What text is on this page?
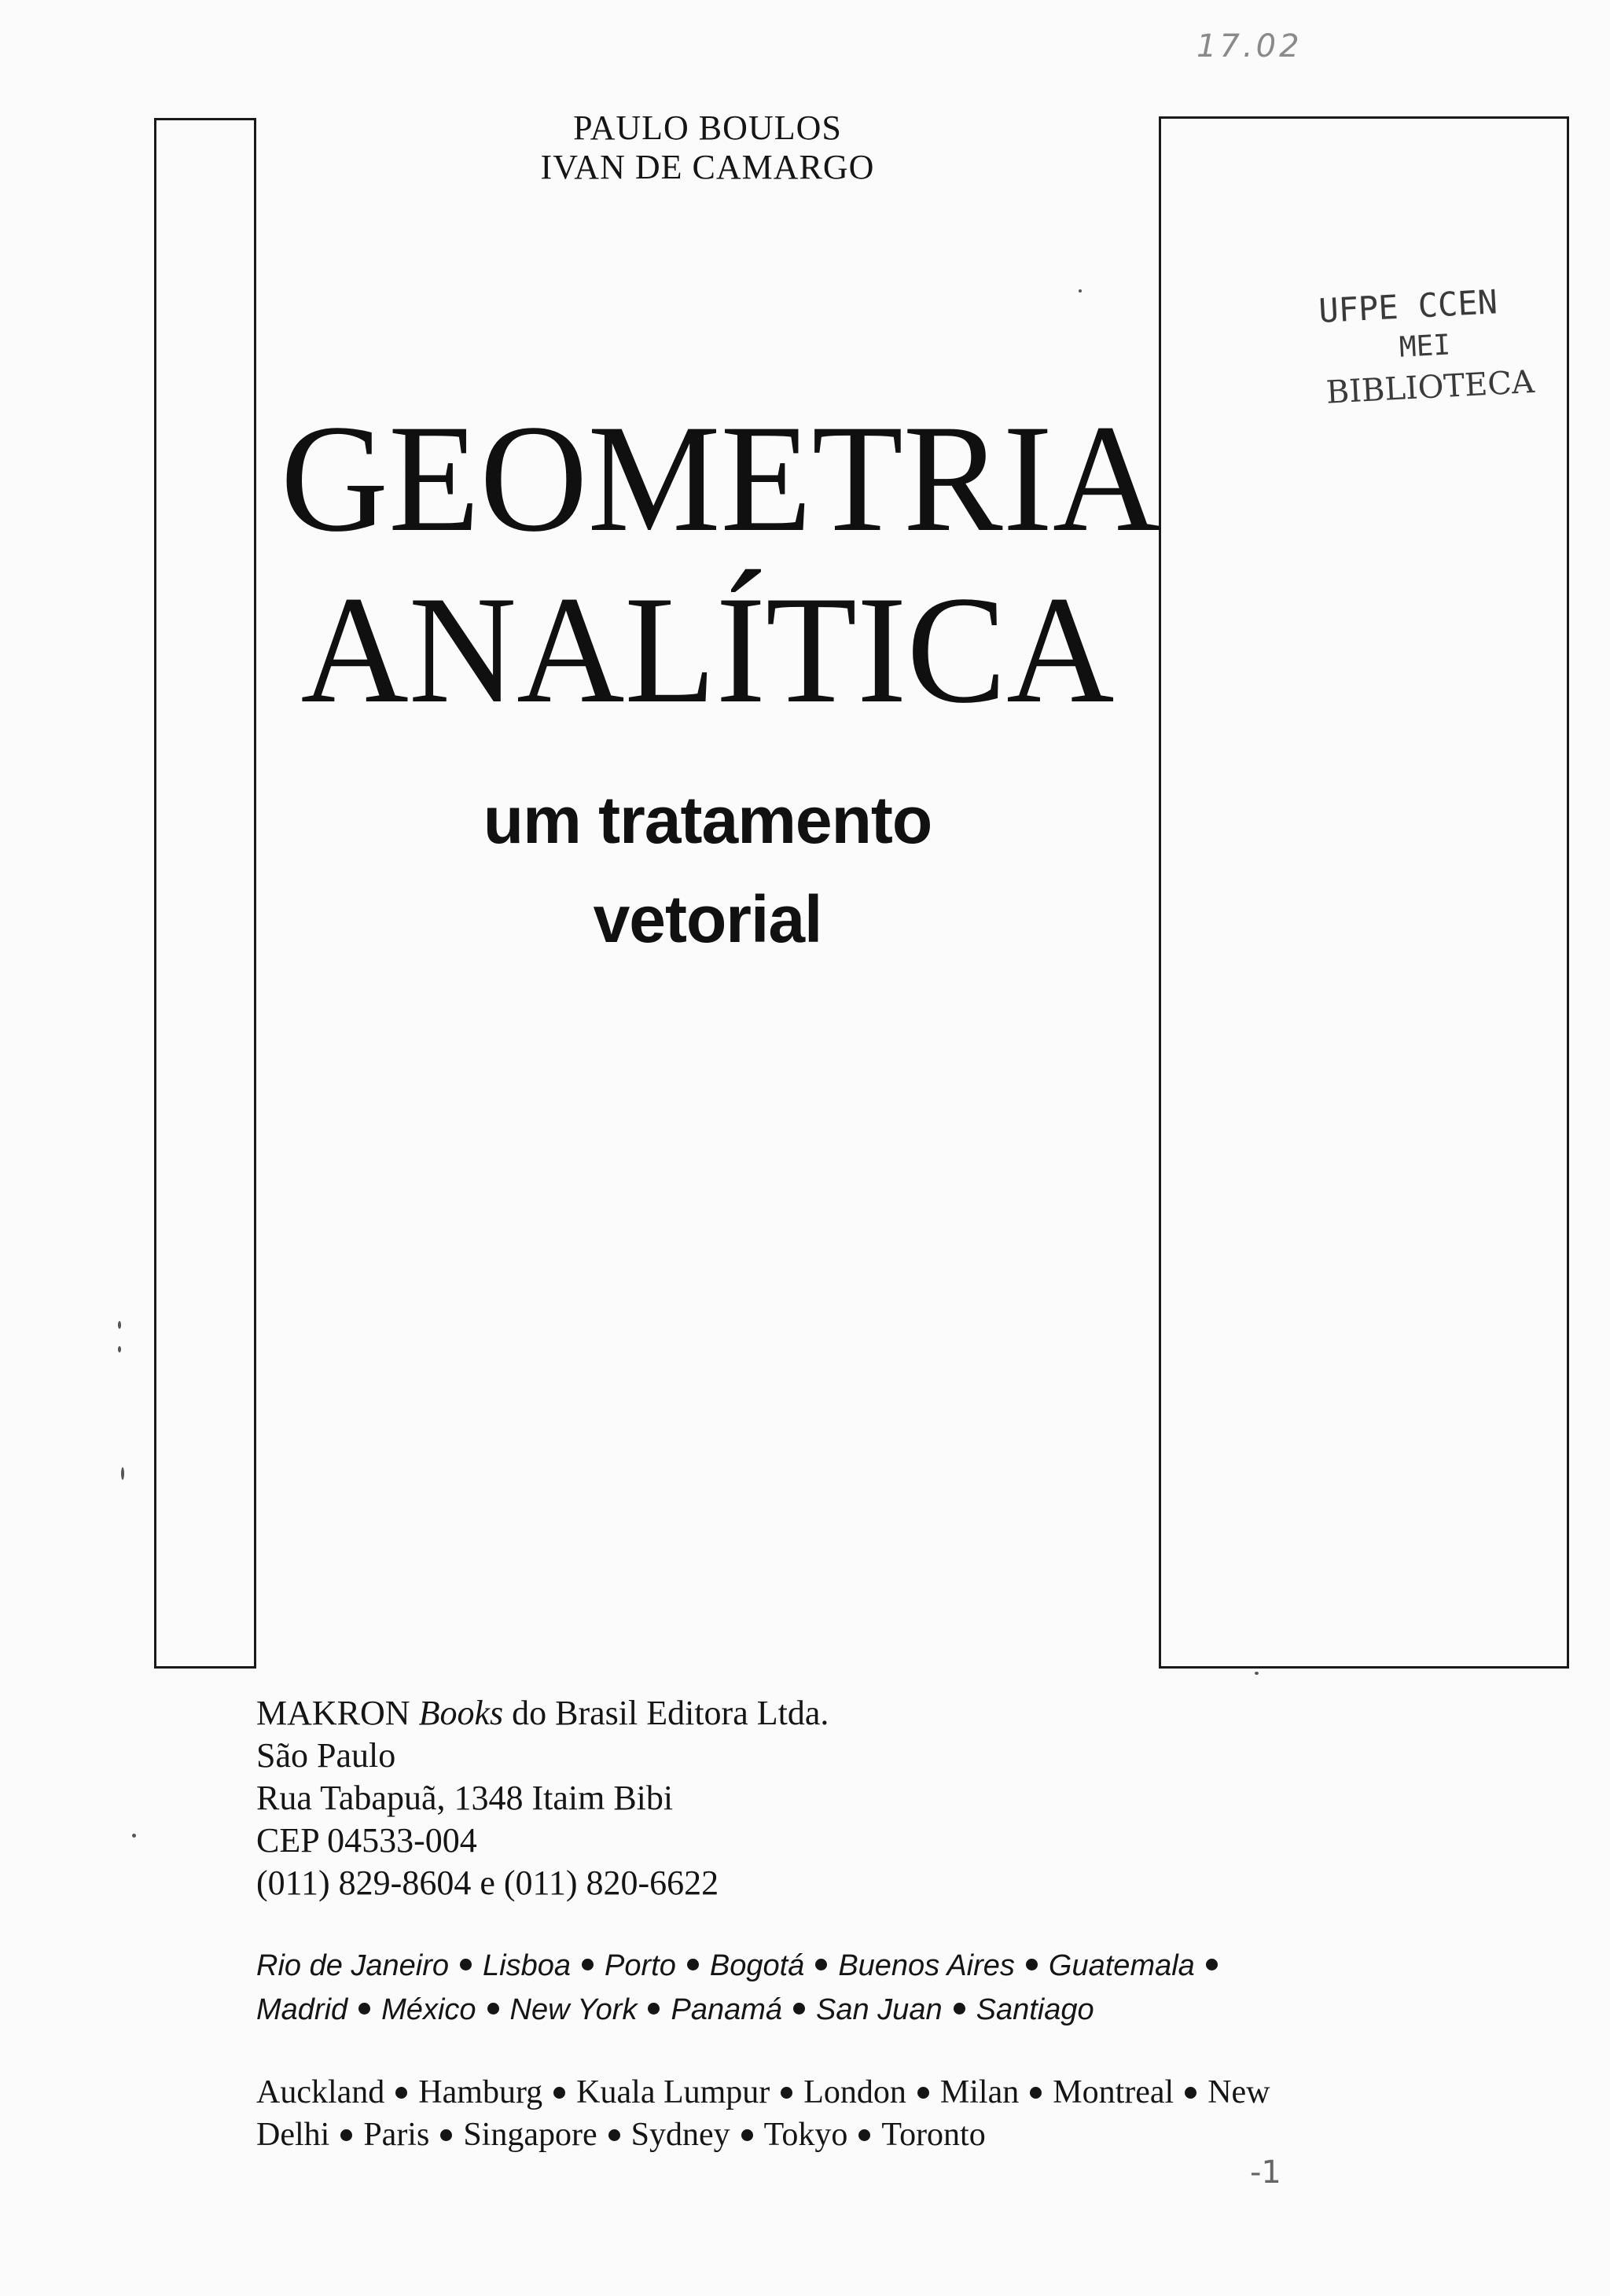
17.02
PAULO BOULOS
IVAN DE CAMARGO
GEOMETRIA
ANALÍTICA
um tratamento
vetorial
UFPE CCEN
MEI
BIBLIOTECA
MAKRON Books do Brasil Editora Ltda.
São Paulo
Rua Tabapuã, 1348 Itaim Bibi
CEP 04533-004
(011) 829-8604 e (011) 820-6622
Rio de Janeiro Lisboa Porto Bogotá Buenos Aires Guatemala
Madrid México New York Panamá San Juan Santiago
Auckland Hamburg Kuala Lumpur London Milan Montreal New
Delhi Paris Singapore Sydney Tokyo Toronto
-1
